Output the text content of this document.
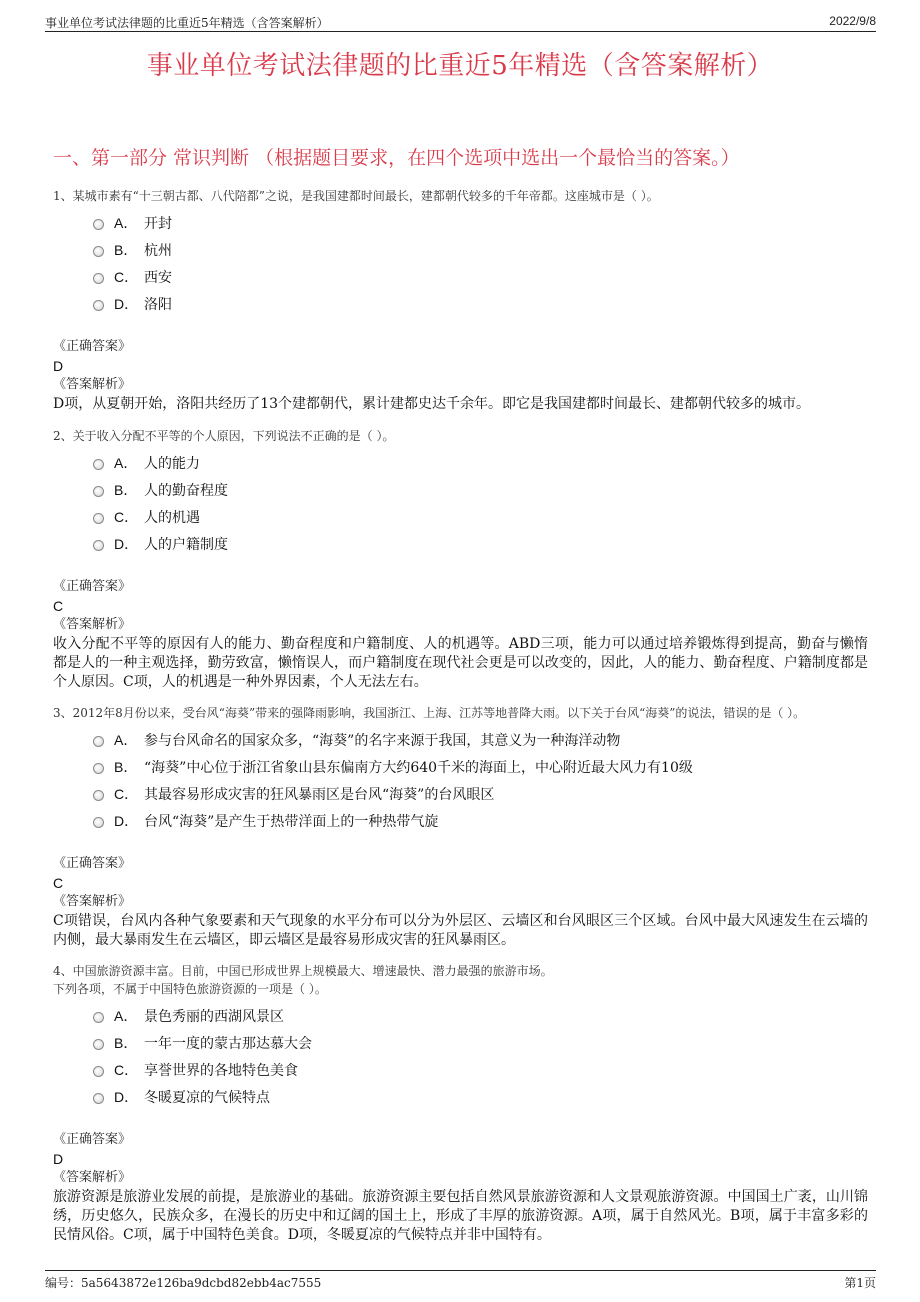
事业单位考试法律题的比重近5年精选（含答案解析）	2022/9/8
事业单位考试法律题的比重近5年精选（含答案解析）
一、第一部分 常识判断 （根据题目要求，在四个选项中选出一个最恰当的答案。）
1、某城市素有“十三朝古都、八代陪都”之说，是我国建都时间最长，建都朝代较多的千年帝都。这座城市是（ ）。
A． 开封
B． 杭州
C． 西安
D． 洛阳
《正确答案》
D
《答案解析》
D项，从夏朝开始，洛阳共经历了13个建都朝代，累计建都史达千余年。即它是我国建都时间最长、建都朝代较多的城市。
2、关于收入分配不平等的个人原因，下列说法不正确的是（ ）。
A． 人的能力
B． 人的勤奋程度
C． 人的机遇
D． 人的户籍制度
《正确答案》
C
《答案解析》
收入分配不平等的原因有人的能力、勤奋程度和户籍制度、人的机遇等。ABD三项，能力可以通过培养锻炼得到提高，勤奋与懒惰都是人的一种主观选择，勤劳致富，懒惰误人，而户籍制度在现代社会更是可以改变的，因此，人的能力、勤奋程度、户籍制度都是个人原因。C项，人的机遇是一种外界因素，个人无法左右。
3、2012年8月份以来，受台风“海葵”带来的强降雨影响，我国浙江、上海、江苏等地普降大雨。以下关于台风“海葵”的说法，错误的是（ ）。
A． 参与台风命名的国家众多，“海葵”的名字来源于我国，其意义为一种海洋动物
B． “海葵”中心位于浙江省象山县东偏南方大约640千米的海面上，中心附近最大风力有10级
C． 其最容易形成灾害的狂风暴雨区是台风“海葵”的台风眼区
D． 台风“海葵”是产生于热带洋面上的一种热带气旋
《正确答案》
C
《答案解析》
C项错误，台风内各种气象要素和天气现象的水平分布可以分为外层区、云墙区和台风眼区三个区域。台风中最大风速发生在云墙的内侧，最大暴雨发生在云墙区，即云墙区是最容易形成灾害的狂风暴雨区。
4、中国旅游资源丰富。目前，中国已形成世界上规模最大、增速最快、潜力最强的旅游市场。
下列各项，不属于中国特色旅游资源的一项是（ ）。
A． 景色秀丽的西湖风景区
B． 一年一度的蒙古那达慕大会
C． 享誉世界的各地特色美食
D． 冬暖夏凉的气候特点
《正确答案》
D
《答案解析》
旅游资源是旅游业发展的前提，是旅游业的基础。旅游资源主要包括自然风景旅游资源和人文景观旅游资源。中国国土广袤，山川锦绣，历史悠久，民族众多，在漫长的历史中和辽阔的国土上，形成了丰厚的旅游资源。A项，属于自然风光。B项，属于丰富多彩的民情风俗。C项，属于中国特色美食。D项，冬暖夏凉的气候特点并非中国特有。
编号：5a5643872e126ba9dcbd82ebb4ac7555	第1页
